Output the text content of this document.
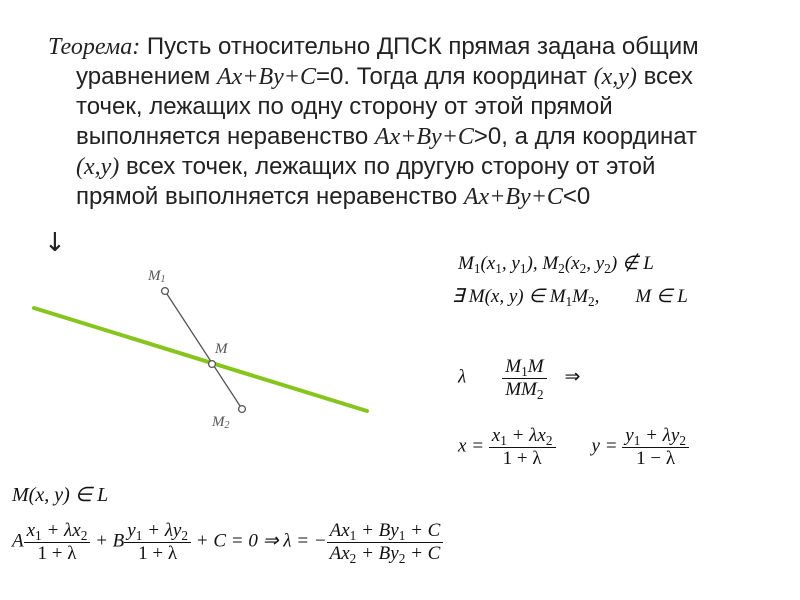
Теорема: Пусть относительно ДПСК прямая задана общим
уравнением Ax+By+C=0. Тогда для координат (x,y) всех
точек, лежащих по одну сторону от этой прямой
выполняется неравенство Ax+By+C>0, а для координат
(x,y) всех точек, лежащих по другую сторону от этой
прямой выполняется неравенство Ax+By+C<0
↓
M1
M
M2
$M_1(x_1$, $y_1$), $M_2(x_2$, $y_2$) ∉ L
∃ M(x, y) ∈ $M_1M_2$, M ∈ L
λ $\frac{M_1M}{MM_2}$ ⇒
$x = \frac{x_1 + \lambda x_2}{1 + \lambda}$ $y = \frac{y_1 + \lambda y_2}{1 - \lambda}$
M(x, y) ∈ L
A $\frac{x_1 + \lambda x_2}{1 + \lambda} + B \frac{y_1 + \lambda y_2}{1 + \lambda} + C = 0$ ⇒ λ = − $\frac{Ax_1 + By_1 + C}{Ax_2 + By_2 + C}$
